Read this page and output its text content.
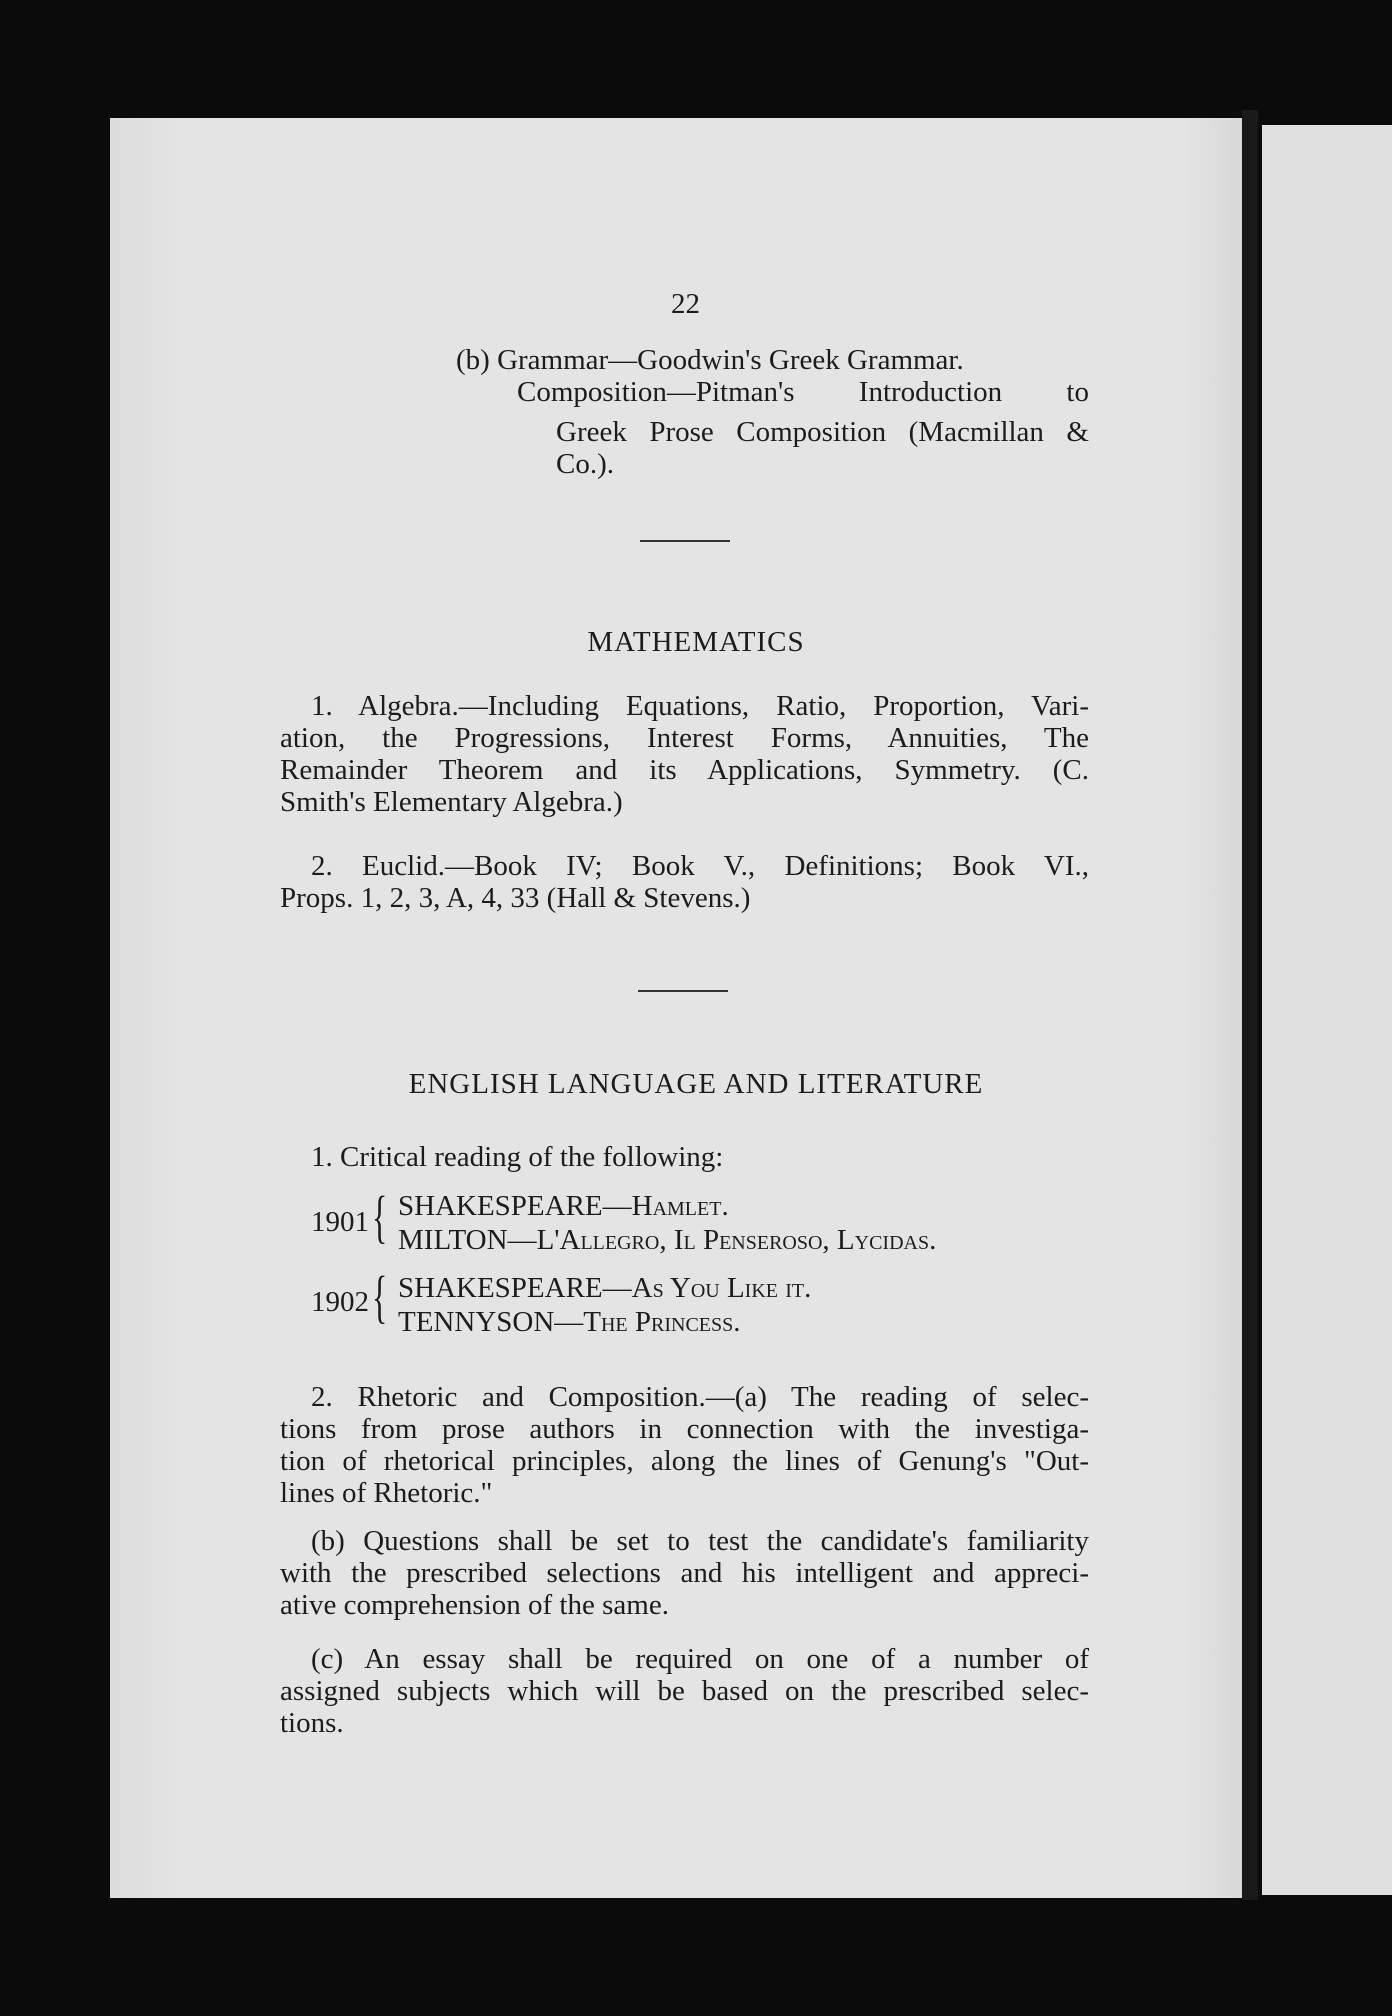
22
(b) Grammar—Goodwin's Greek Grammar.
Composition—Pitman's Introduction to
Greek Prose Composition (Macmillan &
Co.).
MATHEMATICS
1. Algebra.—Including Equations, Ratio, Proportion, Vari-
ation, the Progressions, Interest Forms, Annuities, The
Remainder Theorem and its Applications, Symmetry. (C.
Smith's Elementary Algebra.)
2. Euclid.—Book IV; Book V., Definitions; Book VI.,
Props. 1, 2, 3, A, 4, 33 (Hall & Stevens.)
ENGLISH LANGUAGE AND LITERATURE
1. Critical reading of the following:
1901 { SHAKESPEARE—Hamlet.
MILTON—L'Allegro, Il Penseroso, Lycidas.
1902 { SHAKESPEARE—As You Like it.
TENNYSON—The Princess.
2. Rhetoric and Composition.—(a) The reading of selec-
tions from prose authors in connection with the investiga-
tion of rhetorical principles, along the lines of Genung's "Out-
lines of Rhetoric."
(b) Questions shall be set to test the candidate's familiarity
with the prescribed selections and his intelligent and appreci-
ative comprehension of the same.
(c) An essay shall be required on one of a number of
assigned subjects which will be based on the prescribed selec-
tions.
